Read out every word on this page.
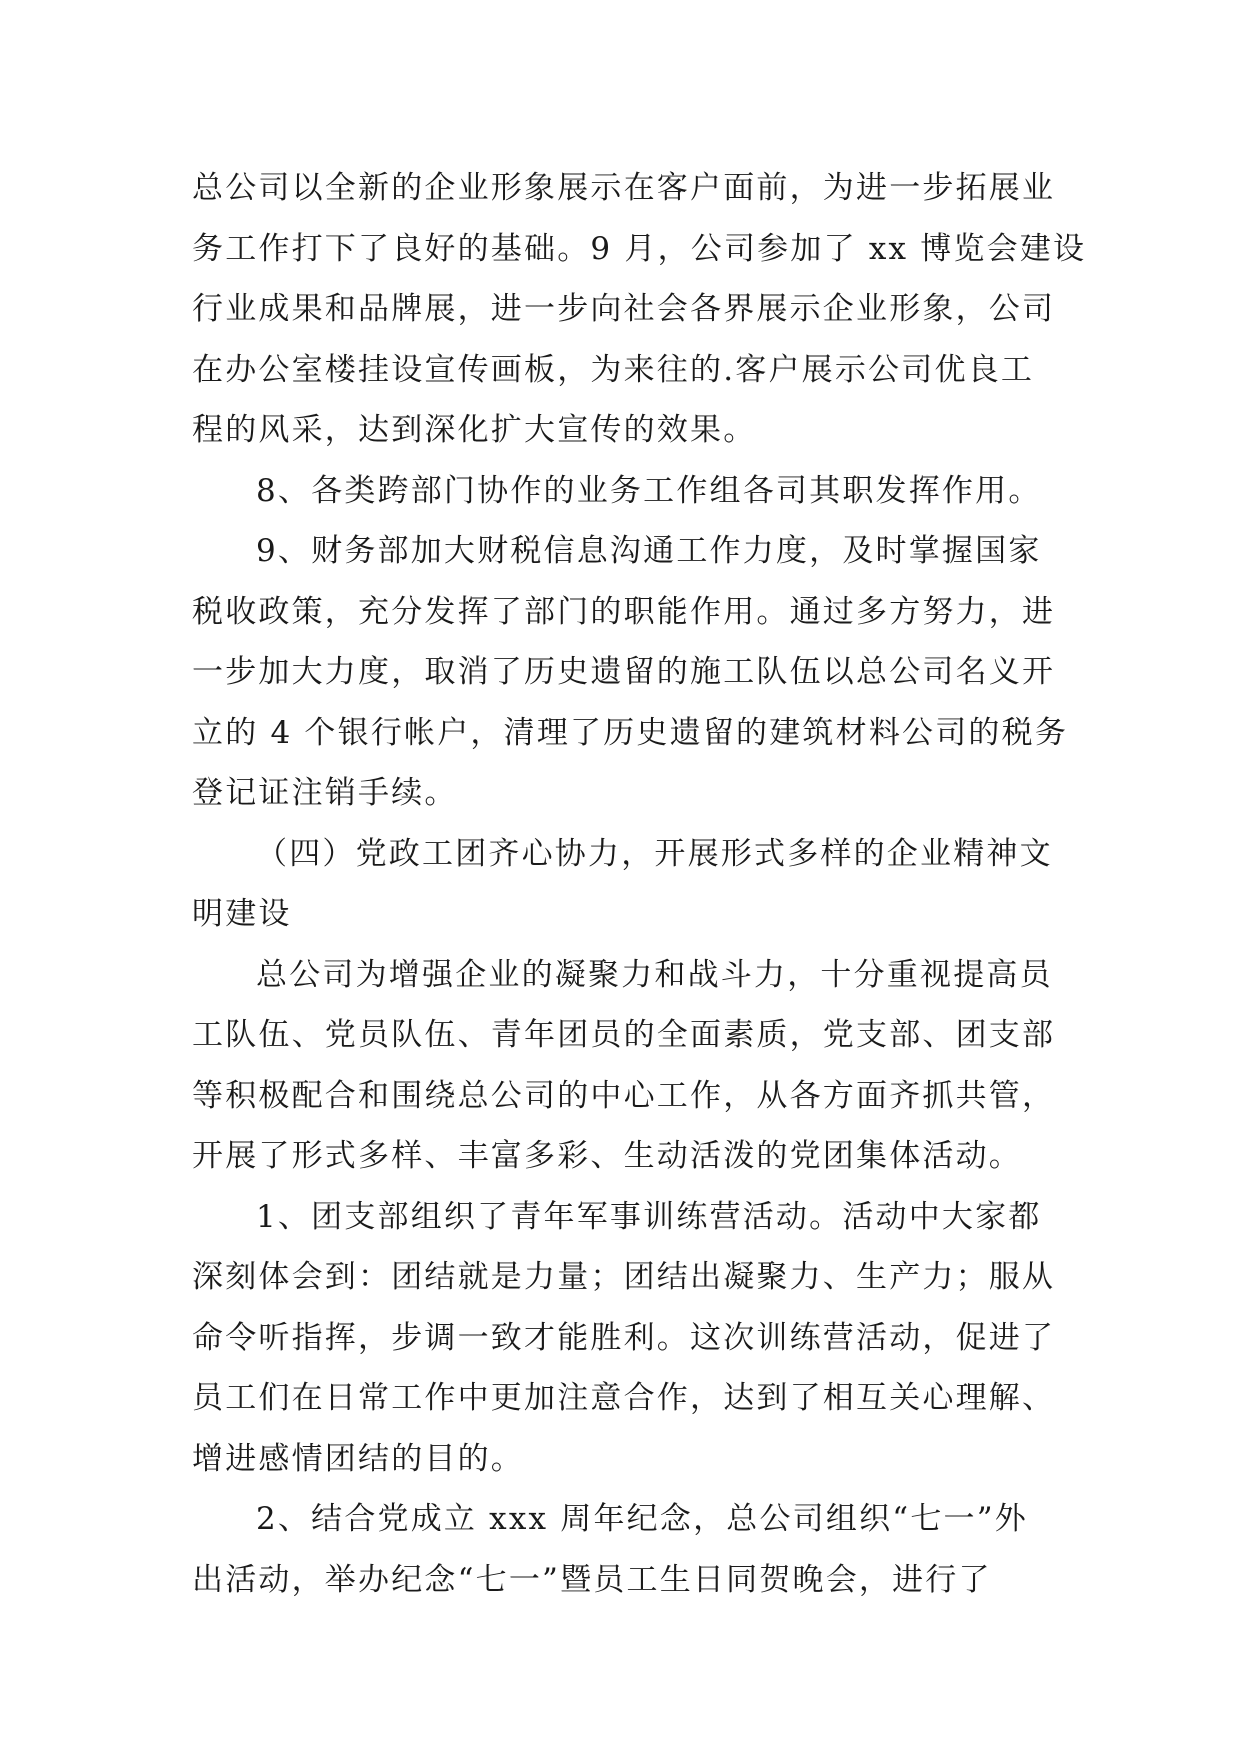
总公司以全新的企业形象展示在客户面前，为进一步拓展业
务工作打下了良好的基础。9 月，公司参加了 xx 博览会建设
行业成果和品牌展，进一步向社会各界展示企业形象，公司
在办公室楼挂设宣传画板，为来往的.客户展示公司优良工
程的风采，达到深化扩大宣传的效果。
8、各类跨部门协作的业务工作组各司其职发挥作用。
9、财务部加大财税信息沟通工作力度，及时掌握国家
税收政策，充分发挥了部门的职能作用。通过多方努力，进
一步加大力度，取消了历史遗留的施工队伍以总公司名义开
立的 4 个银行帐户，清理了历史遗留的建筑材料公司的税务
登记证注销手续。
（四）党政工团齐心协力，开展形式多样的企业精神文
明建设
总公司为增强企业的凝聚力和战斗力，十分重视提高员
工队伍、党员队伍、青年团员的全面素质，党支部、团支部
等积极配合和围绕总公司的中心工作，从各方面齐抓共管，
开展了形式多样、丰富多彩、生动活泼的党团集体活动。
1、团支部组织了青年军事训练营活动。活动中大家都
深刻体会到：团结就是力量；团结出凝聚力、生产力；服从
命令听指挥，步调一致才能胜利。这次训练营活动，促进了
员工们在日常工作中更加注意合作，达到了相互关心理解、
增进感情团结的目的。
2、结合党成立 xxx 周年纪念，总公司组织“七一”外
出活动，举办纪念“七一”暨员工生日同贺晚会，进行了
